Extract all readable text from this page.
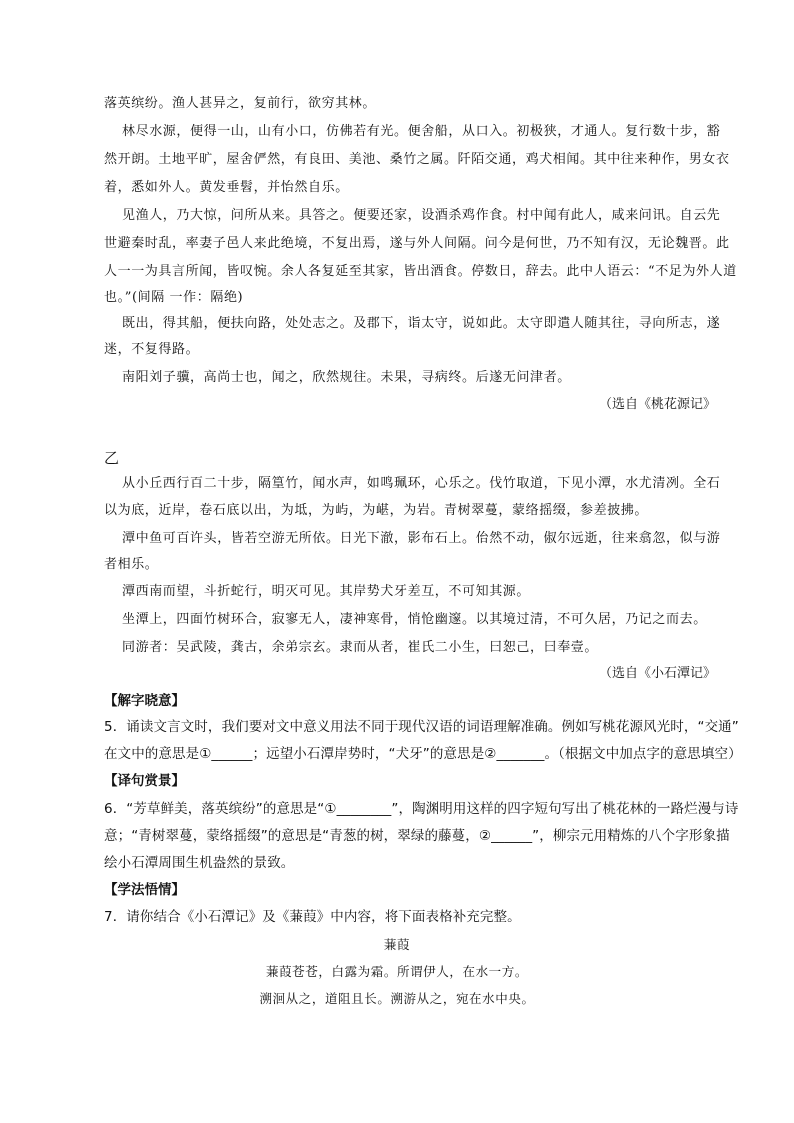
落英缤纷。渔人甚异之，复前行，欲穷其林。
林尽水源，便得一山，山有小口，仿佛若有光。便舍船，从口入。初极狭，才通人。复行数十步，豁
然开朗。土地平旷，屋舍俨然，有良田、美池、桑竹之属。阡陌交通，鸡犬相闻。其中往来种作，男女衣
着，悉如外人。黄发垂髫，并怡然自乐。
见渔人，乃大惊，问所从来。具答之。便要还家，设酒杀鸡作食。村中闻有此人，咸来问讯。自云先
世避秦时乱，率妻子邑人来此绝境，不复出焉，遂与外人间隔。问今是何世，乃不知有汉，无论魏晋。此
人一一为具言所闻，皆叹惋。余人各复延至其家，皆出酒食。停数日，辞去。此中人语云：“不足为外人道
也。”(间隔 一作：隔绝)
既出，得其船，便扶向路，处处志之。及郡下，诣太守，说如此。太守即遣人随其往，寻向所志，遂
迷，不复得路。
南阳刘子骥，高尚士也，闻之，欣然规往。未果，寻病终。后遂无问津者。
（选自《桃花源记》
乙
从小丘西行百二十步，隔篁竹，闻水声，如鸣珮环，心乐之。伐竹取道，下见小潭，水尤清冽。全石
以为底，近岸，卷石底以出，为坻，为屿，为嵁，为岩。青树翠蔓，蒙络摇缀，参差披拂。
潭中鱼可百许头，皆若空游无所依。日光下澈，影布石上。佁然不动，俶尔远逝，往来翕忽，似与游
者相乐。
潭西南而望，斗折蛇行，明灭可见。其岸势犬牙差互，不可知其源。
坐潭上，四面竹树环合，寂寥无人，凄神寒骨，悄怆幽邃。以其境过清，不可久居，乃记之而去。
同游者：吴武陵，龚古，余弟宗玄。隶而从者，崔氏二小生，曰恕己，曰奉壹。
（选自《小石潭记》
【解字晓意】
5．诵读文言文时，我们要对文中意义用法不同于现代汉语的词语理解准确。例如写桃花源风光时，“交通”
在文中的意思是①______；远望小石潭岸势时，“犬牙”的意思是②_______。（根据文中加点字的意思填空）
【译句赏景】
6．“芳草鲜美，落英缤纷”的意思是“①________”，陶渊明用这样的四字短句写出了桃花林的一路烂漫与诗
意；“青树翠蔓，蒙络摇缀”的意思是“青葱的树，翠绿的藤蔓，②______”，柳宗元用精炼的八个字形象描
绘小石潭周围生机盎然的景致。
【学法悟情】
7．请你结合《小石潭记》及《蒹葭》中内容，将下面表格补充完整。
蒹葭
蒹葭苍苍，白露为霜。所谓伊人，在水一方。
溯洄从之，道阻且长。溯游从之，宛在水中央。
